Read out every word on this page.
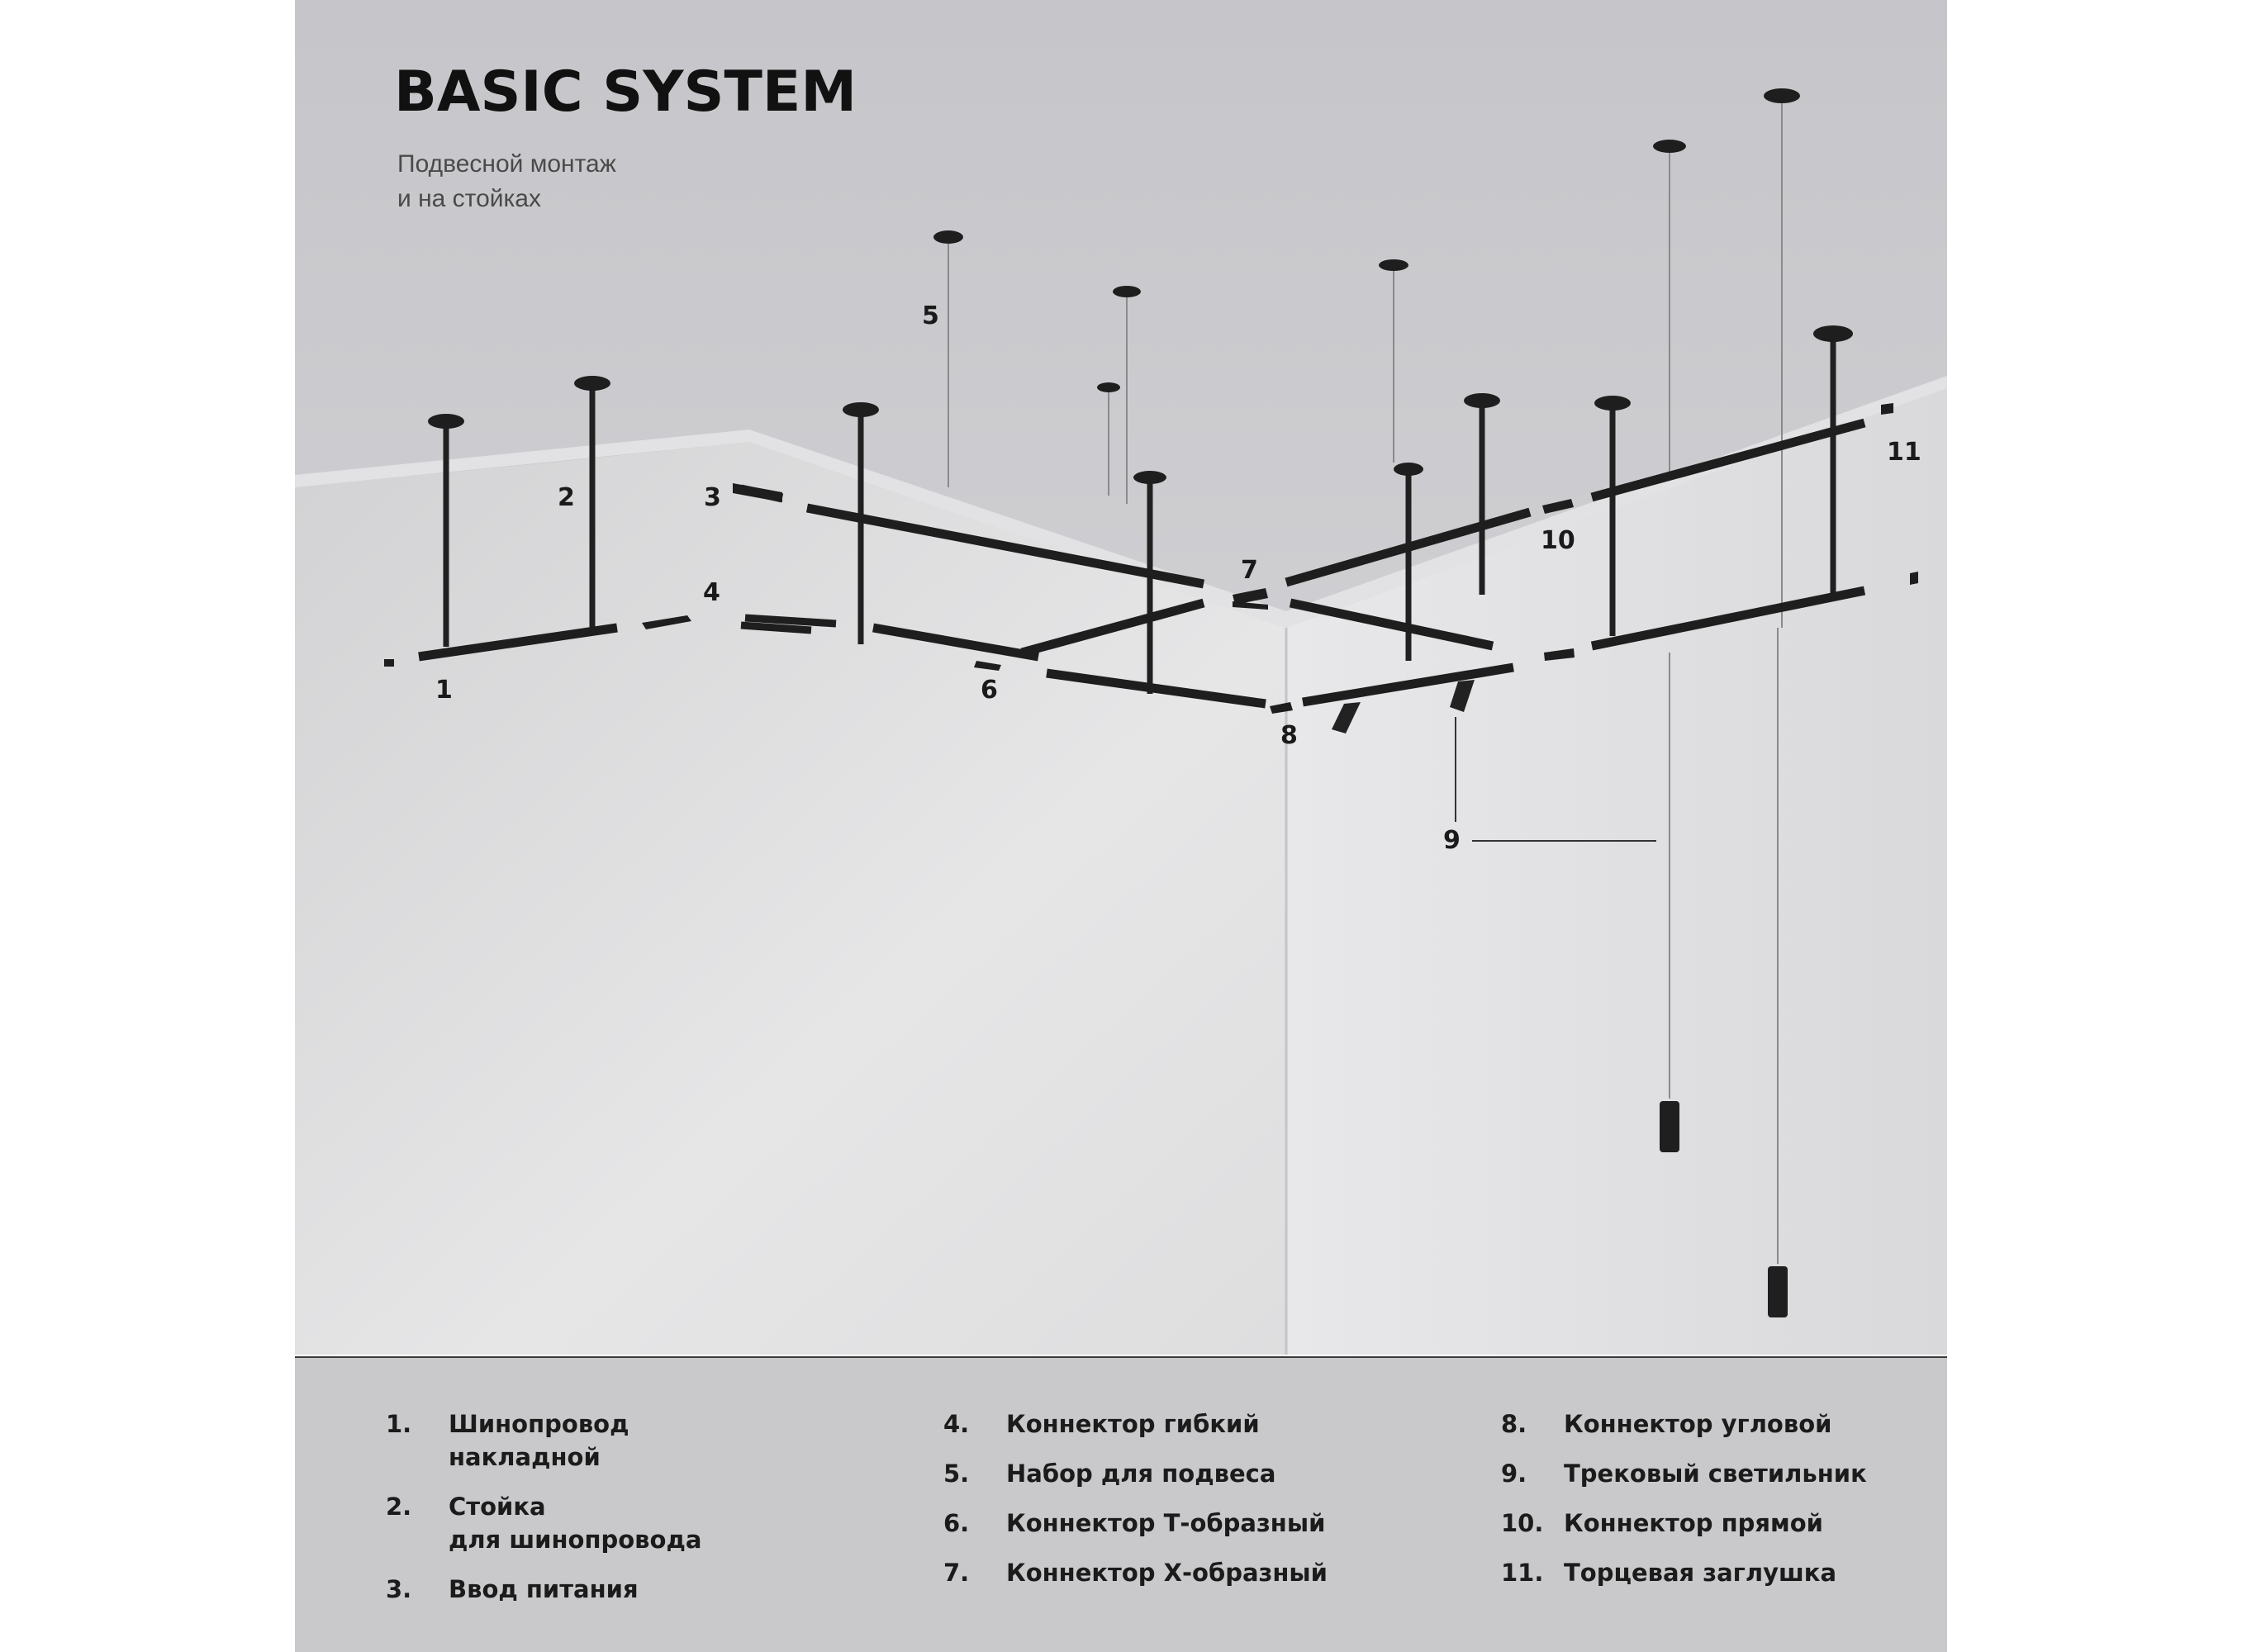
BASIC SYSTEM
Подвесной монтаж
и на стойках
1
2	3
4
5
6
7
8
9
10
11
1. Шинопровод
накладной
2. Стойка
для шинопровода
3. Ввод питания
4. Коннектор гибкий
5. Набор для подвеса
6. Коннектор Т-образный
7. Коннектор Х-образный
8. Коннектор угловой
9. Трековый светильник
10. Коннектор прямой
11. Торцевая заглушка
